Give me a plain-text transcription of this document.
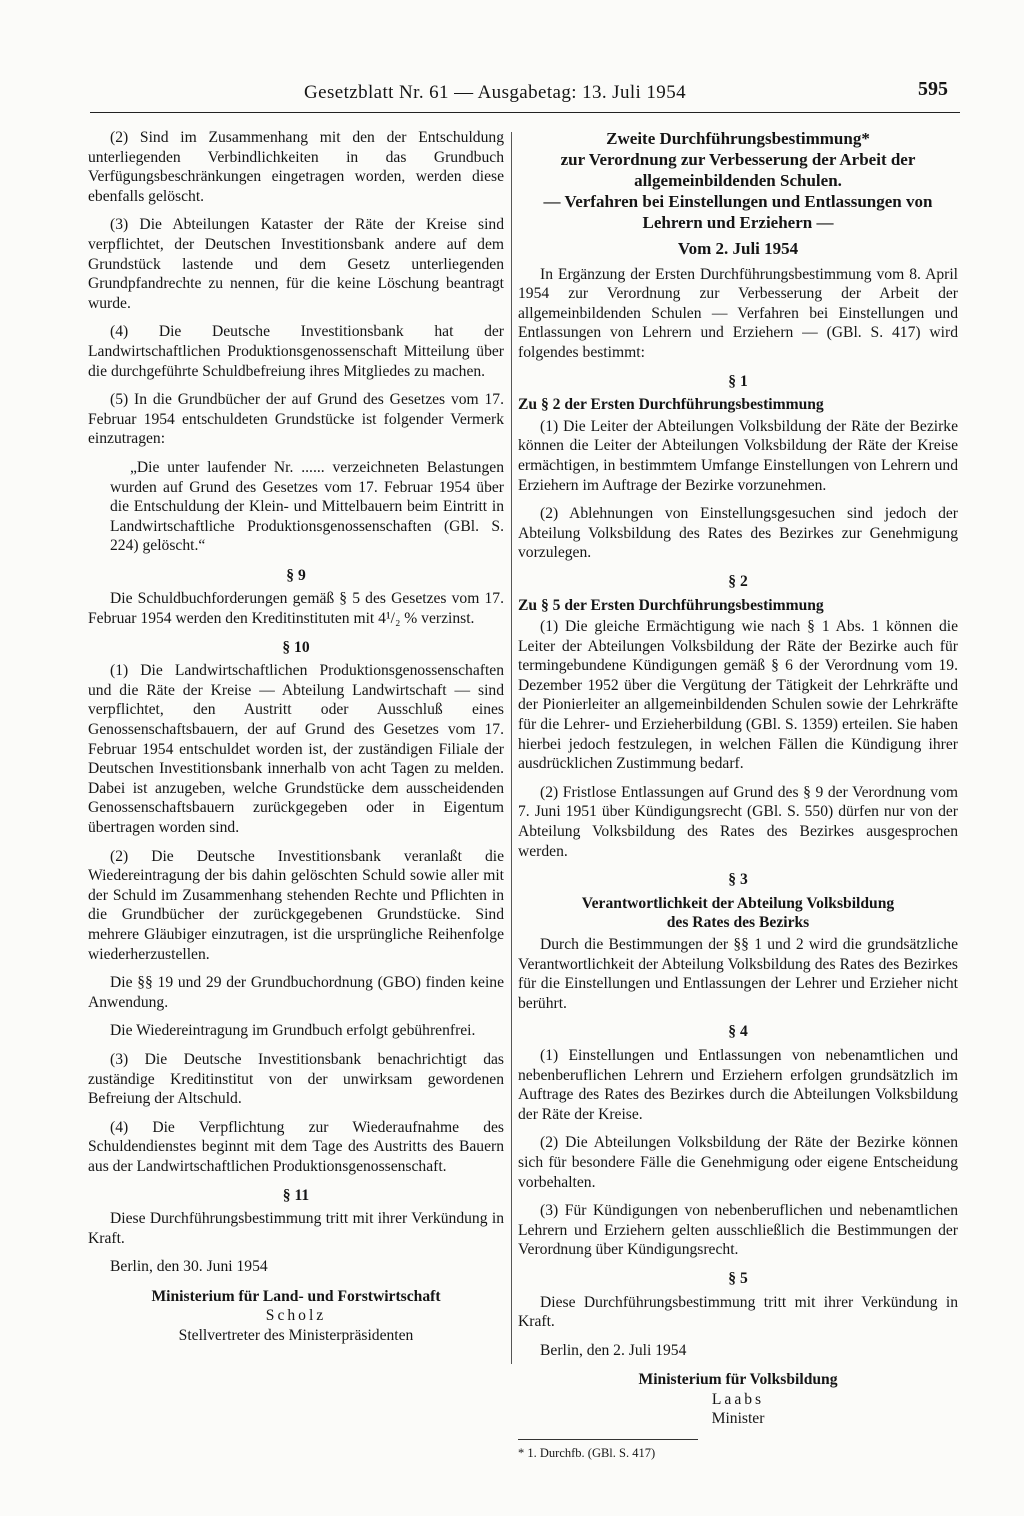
Gesetzblatt Nr. 61 — Ausgabetag: 13. Juli 1954	595

(2) Sind im Zusammenhang mit den der Entschuldung unterliegenden Verbindlichkeiten in das Grundbuch Verfügungsbeschränkungen eingetragen worden, werden diese ebenfalls gelöscht.

(3) Die Abteilungen Kataster der Räte der Kreise sind verpflichtet, der Deutschen Investitionsbank andere auf dem Grundstück lastende und dem Gesetz unterliegenden Grundpfandrechte zu nennen, für die keine Löschung beantragt wurde.

(4) Die Deutsche Investitionsbank hat der Landwirtschaftlichen Produktionsgenossenschaft Mitteilung über die durchgeführte Schuldbefreiung ihres Mitgliedes zu machen.

(5) In die Grundbücher der auf Grund des Gesetzes vom 17. Februar 1954 entschuldeten Grundstücke ist folgender Vermerk einzutragen:

„Die unter laufender Nr. ...... verzeichneten Belastungen wurden auf Grund des Gesetzes vom 17. Februar 1954 über die Entschuldung der Klein- und Mittelbauern beim Eintritt in Landwirtschaftliche Produktionsgenossenschaften (GBl. S. 224) gelöscht.“

§ 9

Die Schuldbuchforderungen gemäß § 5 des Gesetzes vom 17. Februar 1954 werden den Kreditinstituten mit 4¹/₂ % verzinst.

§ 10

(1) Die Landwirtschaftlichen Produktionsgenossenschaften und die Räte der Kreise — Abteilung Landwirtschaft — sind verpflichtet, den Austritt oder Ausschluß eines Genossenschaftsbauern, der auf Grund des Gesetzes vom 17. Februar 1954 entschuldet worden ist, der zuständigen Filiale der Deutschen Investitionsbank innerhalb von acht Tagen zu melden. Dabei ist anzugeben, welche Grundstücke dem ausscheidenden Genossenschaftsbauern zurückgegeben oder in Eigentum übertragen worden sind.

(2) Die Deutsche Investitionsbank veranlaßt die Wiedereintragung der bis dahin gelöschten Schuld sowie aller mit der Schuld im Zusammenhang stehenden Rechte und Pflichten in die Grundbücher der zurückgegebenen Grundstücke. Sind mehrere Gläubiger einzutragen, ist die ursprüngliche Reihenfolge wiederherzustellen.

Die §§ 19 und 29 der Grundbuchordnung (GBO) finden keine Anwendung.

Die Wiedereintragung im Grundbuch erfolgt gebührenfrei.

(3) Die Deutsche Investitionsbank benachrichtigt das zuständige Kreditinstitut von der unwirksam gewordenen Befreiung der Altschuld.

(4) Die Verpflichtung zur Wiederaufnahme des Schuldendienstes beginnt mit dem Tage des Austritts des Bauern aus der Landwirtschaftlichen Produktionsgenossenschaft.

§ 11

Diese Durchführungsbestimmung tritt mit ihrer Verkündung in Kraft.

Berlin, den 30. Juni 1954

Ministerium für Land- und Forstwirtschaft
Scholz
Stellvertreter des Ministerpräsidenten
Zweite Durchführungsbestimmung*
zur Verordnung zur Verbesserung der Arbeit der allgemeinbildenden Schulen.
— Verfahren bei Einstellungen und Entlassungen von Lehrern und Erziehern —
Vom 2. Juli 1954

In Ergänzung der Ersten Durchführungsbestimmung vom 8. April 1954 zur Verordnung zur Verbesserung der Arbeit der allgemeinbildenden Schulen — Verfahren bei Einstellungen und Entlassungen von Lehrern und Erziehern — (GBl. S. 417) wird folgendes bestimmt:

§ 1

Zu § 2 der Ersten Durchführungsbestimmung

(1) Die Leiter der Abteilungen Volksbildung der Räte der Bezirke können die Leiter der Abteilungen Volksbildung der Räte der Kreise ermächtigen, in bestimmtem Umfange Einstellungen von Lehrern und Erziehern im Auftrage der Bezirke vorzunehmen.

(2) Ablehnungen von Einstellungsgesuchen sind jedoch der Abteilung Volksbildung des Rates des Bezirkes zur Genehmigung vorzulegen.

§ 2

Zu § 5 der Ersten Durchführungsbestimmung

(1) Die gleiche Ermächtigung wie nach § 1 Abs. 1 können die Leiter der Abteilungen Volksbildung der Räte der Bezirke auch für termingebundene Kündigungen gemäß § 6 der Verordnung vom 19. Dezember 1952 über die Vergütung der Tätigkeit der Lehrkräfte und der Pionierleiter an allgemeinbildenden Schulen sowie der Lehrkräfte für die Lehrer- und Erzieherbildung (GBl. S. 1359) erteilen. Sie haben hierbei jedoch festzulegen, in welchen Fällen die Kündigung ihrer ausdrücklichen Zustimmung bedarf.

(2) Fristlose Entlassungen auf Grund des § 9 der Verordnung vom 7. Juni 1951 über Kündigungsrecht (GBl. S. 550) dürfen nur von der Abteilung Volksbildung des Rates des Bezirkes ausgesprochen werden.

§ 3

Verantwortlichkeit der Abteilung Volksbildung

des Rates des Bezirks

Durch die Bestimmungen der §§ 1 und 2 wird die grundsätzliche Verantwortlichkeit der Abteilung Volksbildung des Rates des Bezirkes für die Einstellungen und Entlassungen der Lehrer und Erzieher nicht berührt.

§ 4

(1) Einstellungen und Entlassungen von nebenamtlichen und nebenberuflichen Lehrern und Erziehern erfolgen grundsätzlich im Auftrage des Rates des Bezirkes durch die Abteilungen Volksbildung der Räte der Kreise.

(2) Die Abteilungen Volksbildung der Räte der Bezirke können sich für besondere Fälle die Genehmigung oder eigene Entscheidung vorbehalten.

(3) Für Kündigungen von nebenberuflichen und nebenamtlichen Lehrern und Erziehern gelten ausschließlich die Bestimmungen der Verordnung über Kündigungsrecht.

§ 5

Diese Durchführungsbestimmung tritt mit ihrer Verkündung in Kraft.

Berlin, den 2. Juli 1954

Ministerium für Volksbildung
Laabs
Minister

* 1. Durchfb. (GBl. S. 417)
